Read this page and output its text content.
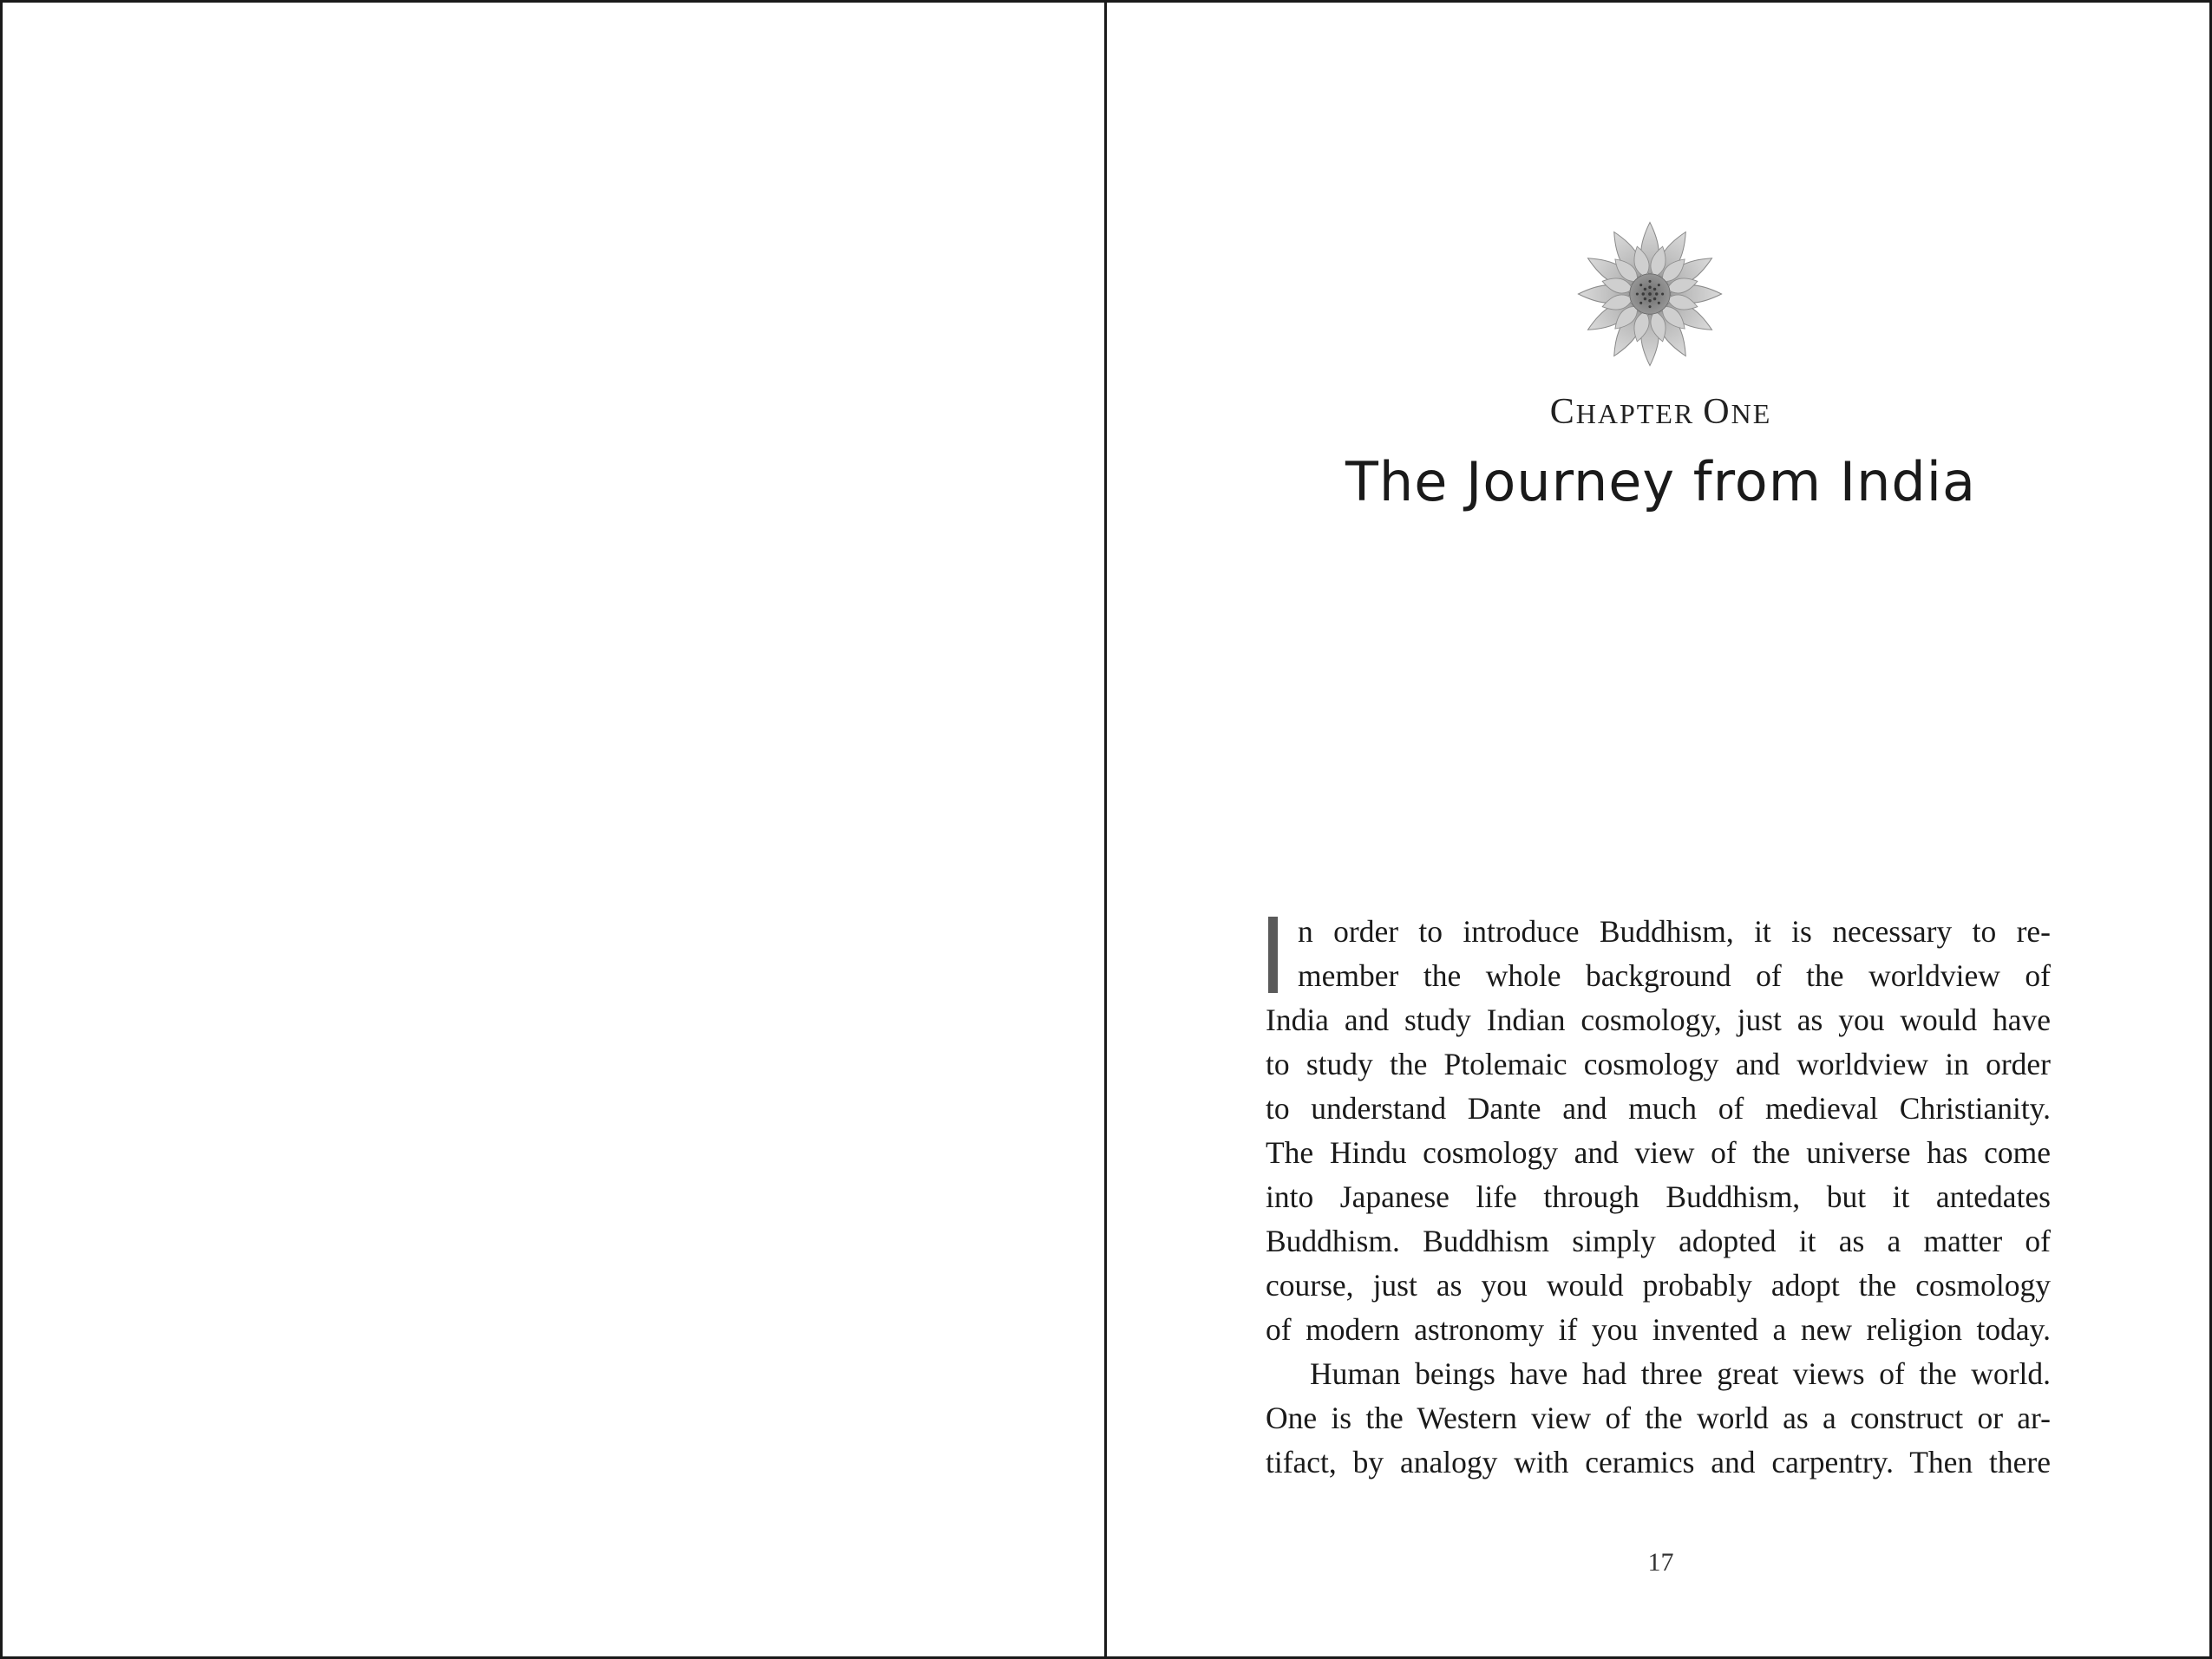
CHAPTER ONE
The Journey from India
n order to introduce Buddhism, it is necessary to re-
member the whole background of the worldview of
India and study Indian cosmology, just as you would have
to study the Ptolemaic cosmology and worldview in order
to understand Dante and much of medieval Christianity.
The Hindu cosmology and view of the universe has come
into Japanese life through Buddhism, but it antedates
Buddhism. Buddhism simply adopted it as a matter of
course, just as you would probably adopt the cosmology
of modern astronomy if you invented a new religion today.
Human beings have had three great views of the world.
One is the Western view of the world as a construct or ar-
tifact, by analogy with ceramics and carpentry. Then there
17
